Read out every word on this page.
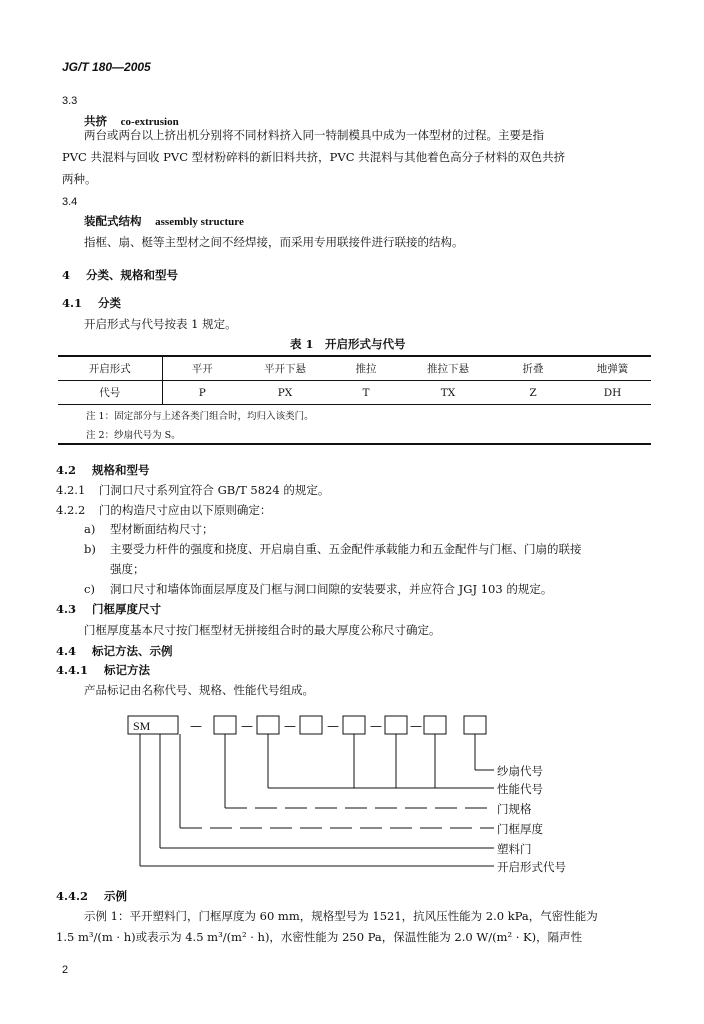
JG/T 180—2005
3.3
共挤 co-extrusion
两台或两台以上挤出机分别将不同材料挤入同一特制模具中成为一体型材的过程。主要是指
PVC 共混料与回收 PVC 型材粉碎料的新旧料共挤，PVC 共混料与其他着色高分子材料的双色共挤
两种。
3.4
装配式结构 assembly structure
指框、扇、梃等主型材之间不经焊接，而采用专用联接件进行联接的结构。
4 分类、规格和型号
4.1 分类
开启形式与代号按表 1 规定。
表 1　开启形式与代号
开启形式	平开	平开下悬	推拉	推拉下悬	折叠	地弹簧
代号	P	PX	T	TX	Z	DH
注 1：固定部分与上述各类门组合时，均归入该类门。						
注 2：纱扇代号为 S。						
4.2 规格和型号
4.2.1 门洞口尺寸系列宜符合 GB/T 5824 的规定。
4.2.2 门的构造尺寸应由以下原则确定：
a) 型材断面结构尺寸；
b) 主要受力杆件的强度和挠度、开启扇自重、五金配件承载能力和五金配件与门框、门扇的联接
强度；
c) 洞口尺寸和墙体饰面层厚度及门框与洞口间隙的安装要求，并应符合 JGJ 103 的规定。
4.3 门框厚度尺寸
门框厚度基本尺寸按门框型材无拼接组合时的最大厚度公称尺寸确定。
4.4 标记方法、示例
4.4.1 标记方法
产品标记由名称代号、规格、性能代号组成。
SM	—	—	—	—	— —
纱扇代号
性能代号
门规格
门框厚度
塑料门
开启形式代号
4.4.2 示例
示例 1：平开塑料门，门框厚度为 60 mm，规格型号为 1521，抗风压性能为 2.0 kPa，气密性能为
1.5 m³/(m · h)或表示为 4.5 m³/(m² · h)，水密性能为 250 Pa，保温性能为 2.0 W/(m² · K)，隔声性
2
